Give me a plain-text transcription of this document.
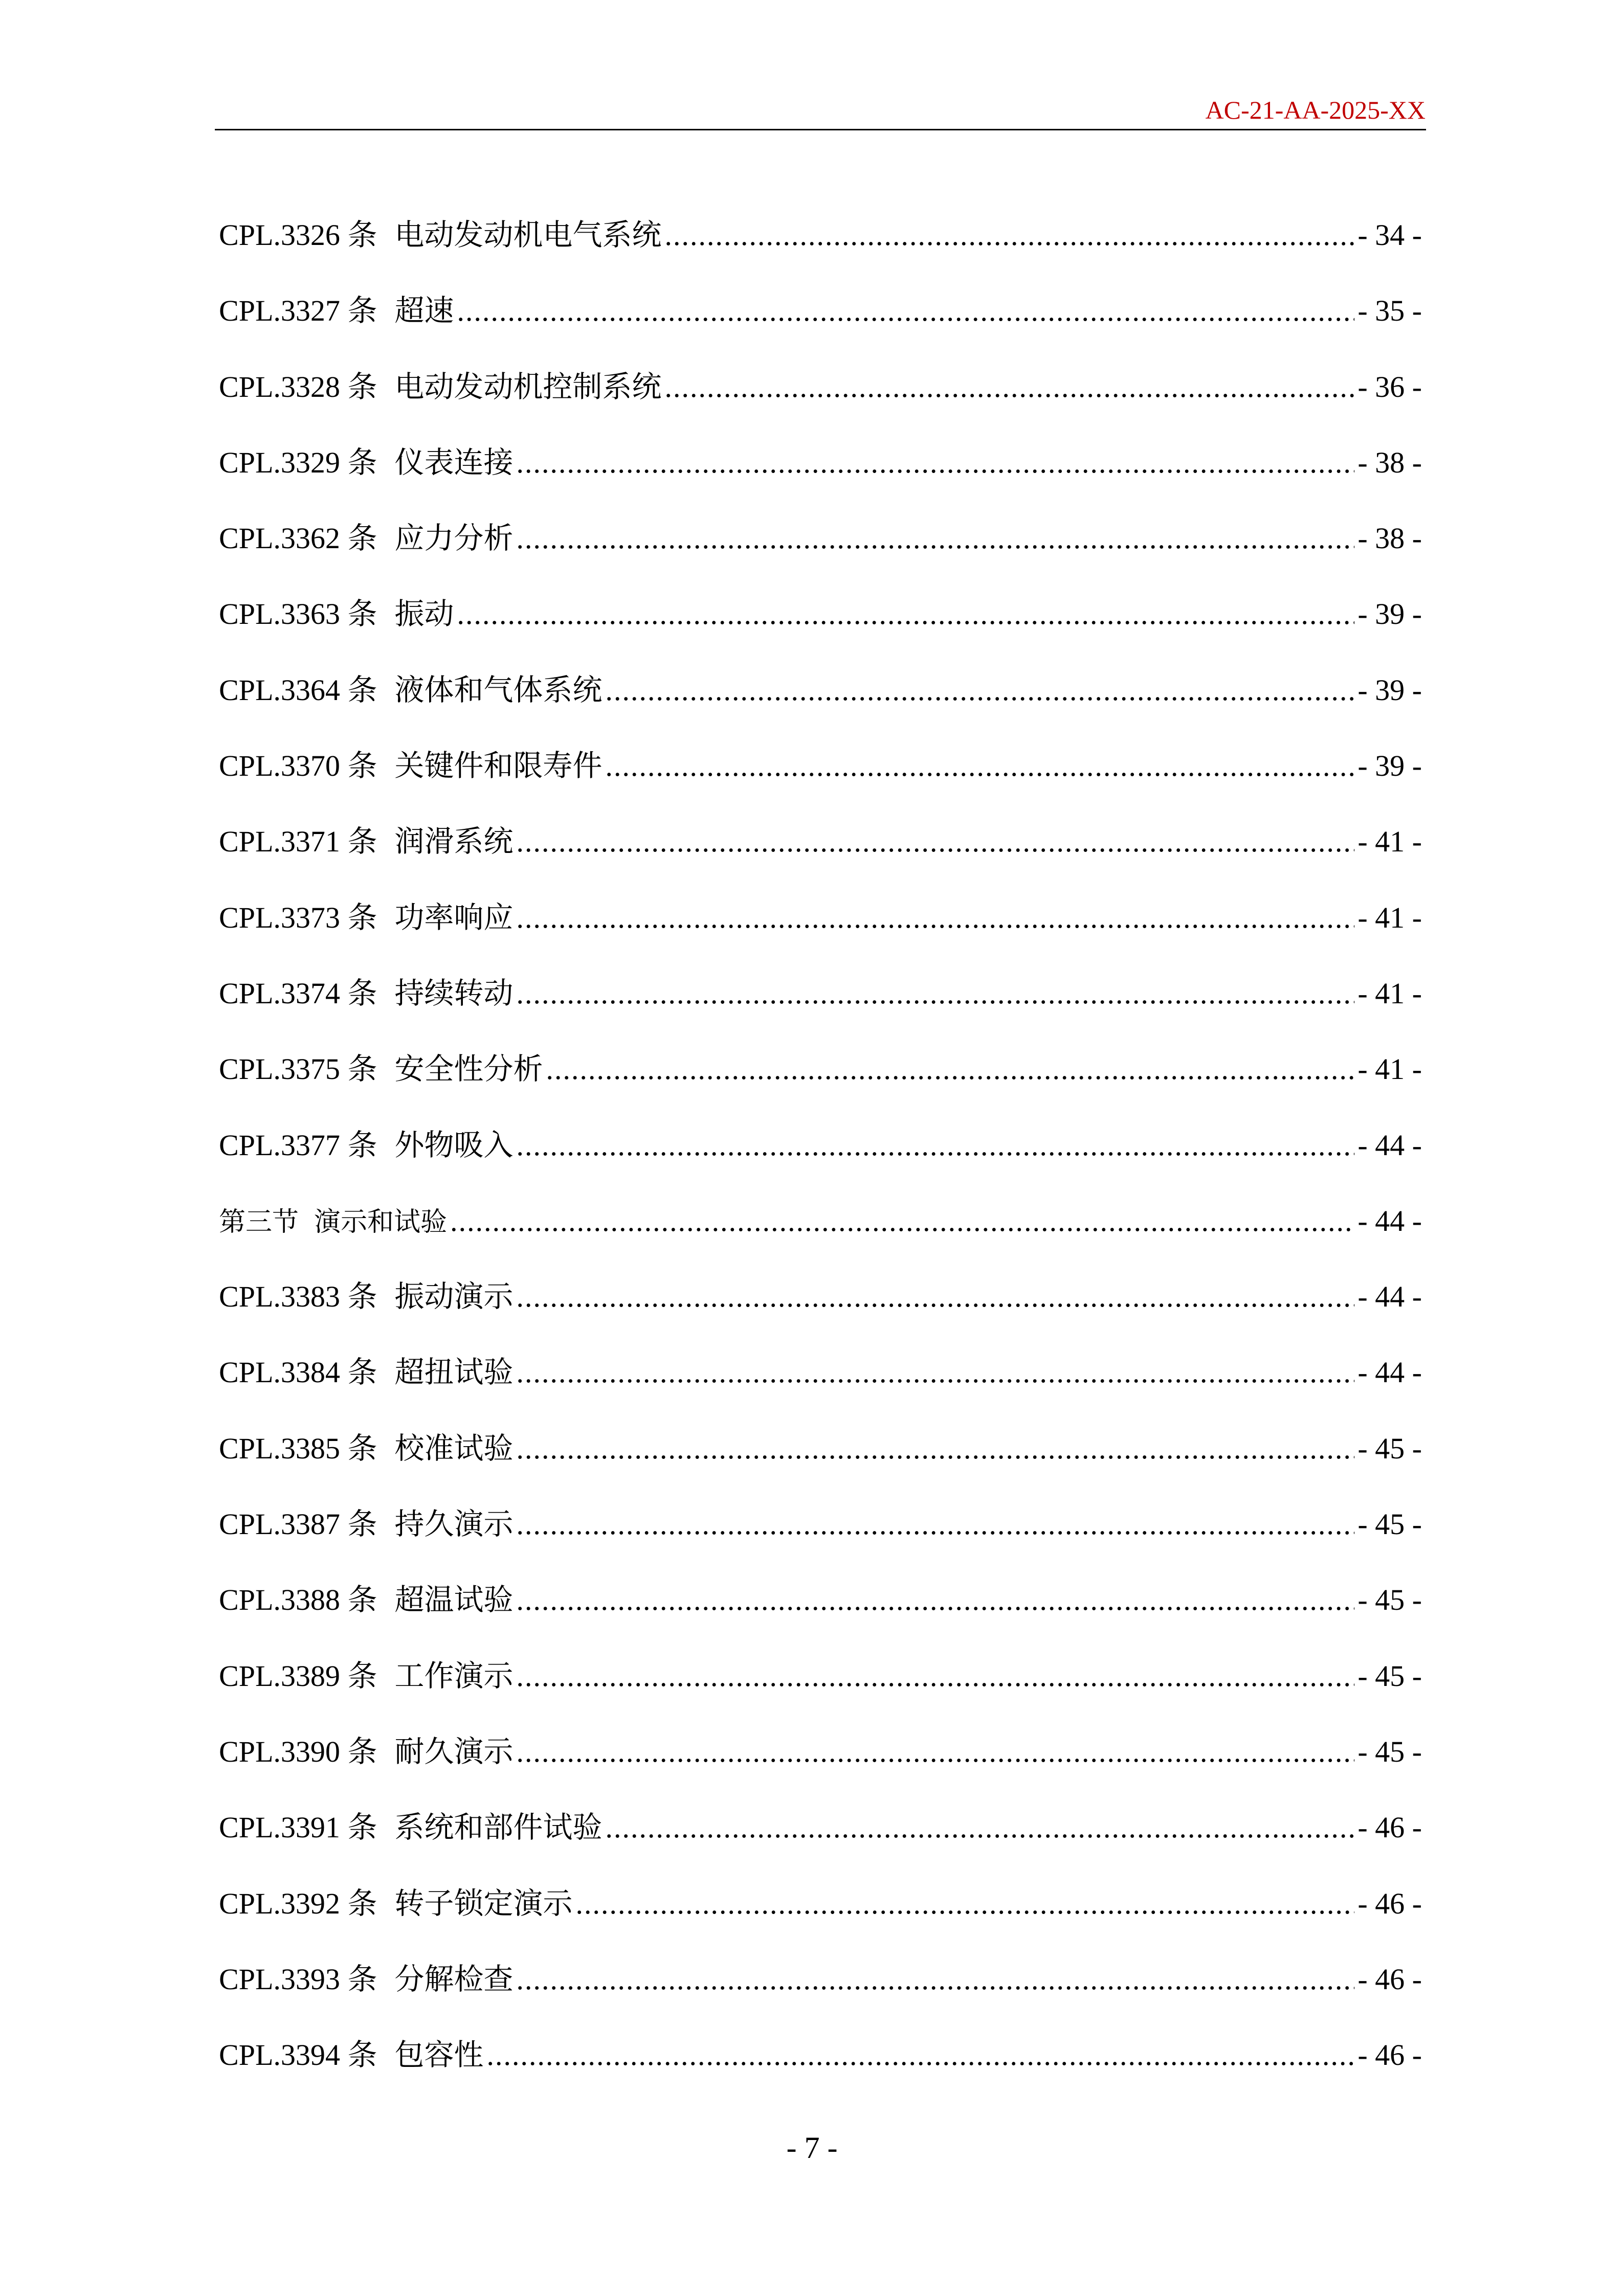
AC-21-AA-2025-XX
CPL.3326 条 电动发动机电气系统 .....	- 34 -
CPL.3327 条 超速 .....	- 35 -
CPL.3328 条 电动发动机控制系统 .....	- 36 -
CPL.3329 条 仪表连接 .....	- 38 -
CPL.3362 条 应力分析 .....	- 38 -
CPL.3363 条 振动 .....	- 39 -
CPL.3364 条 液体和气体系统 .....	- 39 -
CPL.3370 条 关键件和限寿件 .....	- 39 -
CPL.3371 条 润滑系统 .....	- 41 -
CPL.3373 条 功率响应 .....	- 41 -
CPL.3374 条 持续转动 .....	- 41 -
CPL.3375 条 安全性分析 .....	- 41 -
CPL.3377 条 外物吸入 .....	- 44 -
第三节 演示和试验 .....	- 44 -
CPL.3383 条 振动演示 .....	- 44 -
CPL.3384 条 超扭试验 .....	- 44 -
CPL.3385 条 校准试验 .....	- 45 -
CPL.3387 条 持久演示 .....	- 45 -
CPL.3388 条 超温试验 .....	- 45 -
CPL.3389 条 工作演示 .....	- 45 -
CPL.3390 条 耐久演示 .....	- 45 -
CPL.3391 条 系统和部件试验 .....	- 46 -
CPL.3392 条 转子锁定演示 .....	- 46 -
CPL.3393 条 分解检查 .....	- 46 -
CPL.3394 条 包容性 .....	- 46 -
- 7 -
